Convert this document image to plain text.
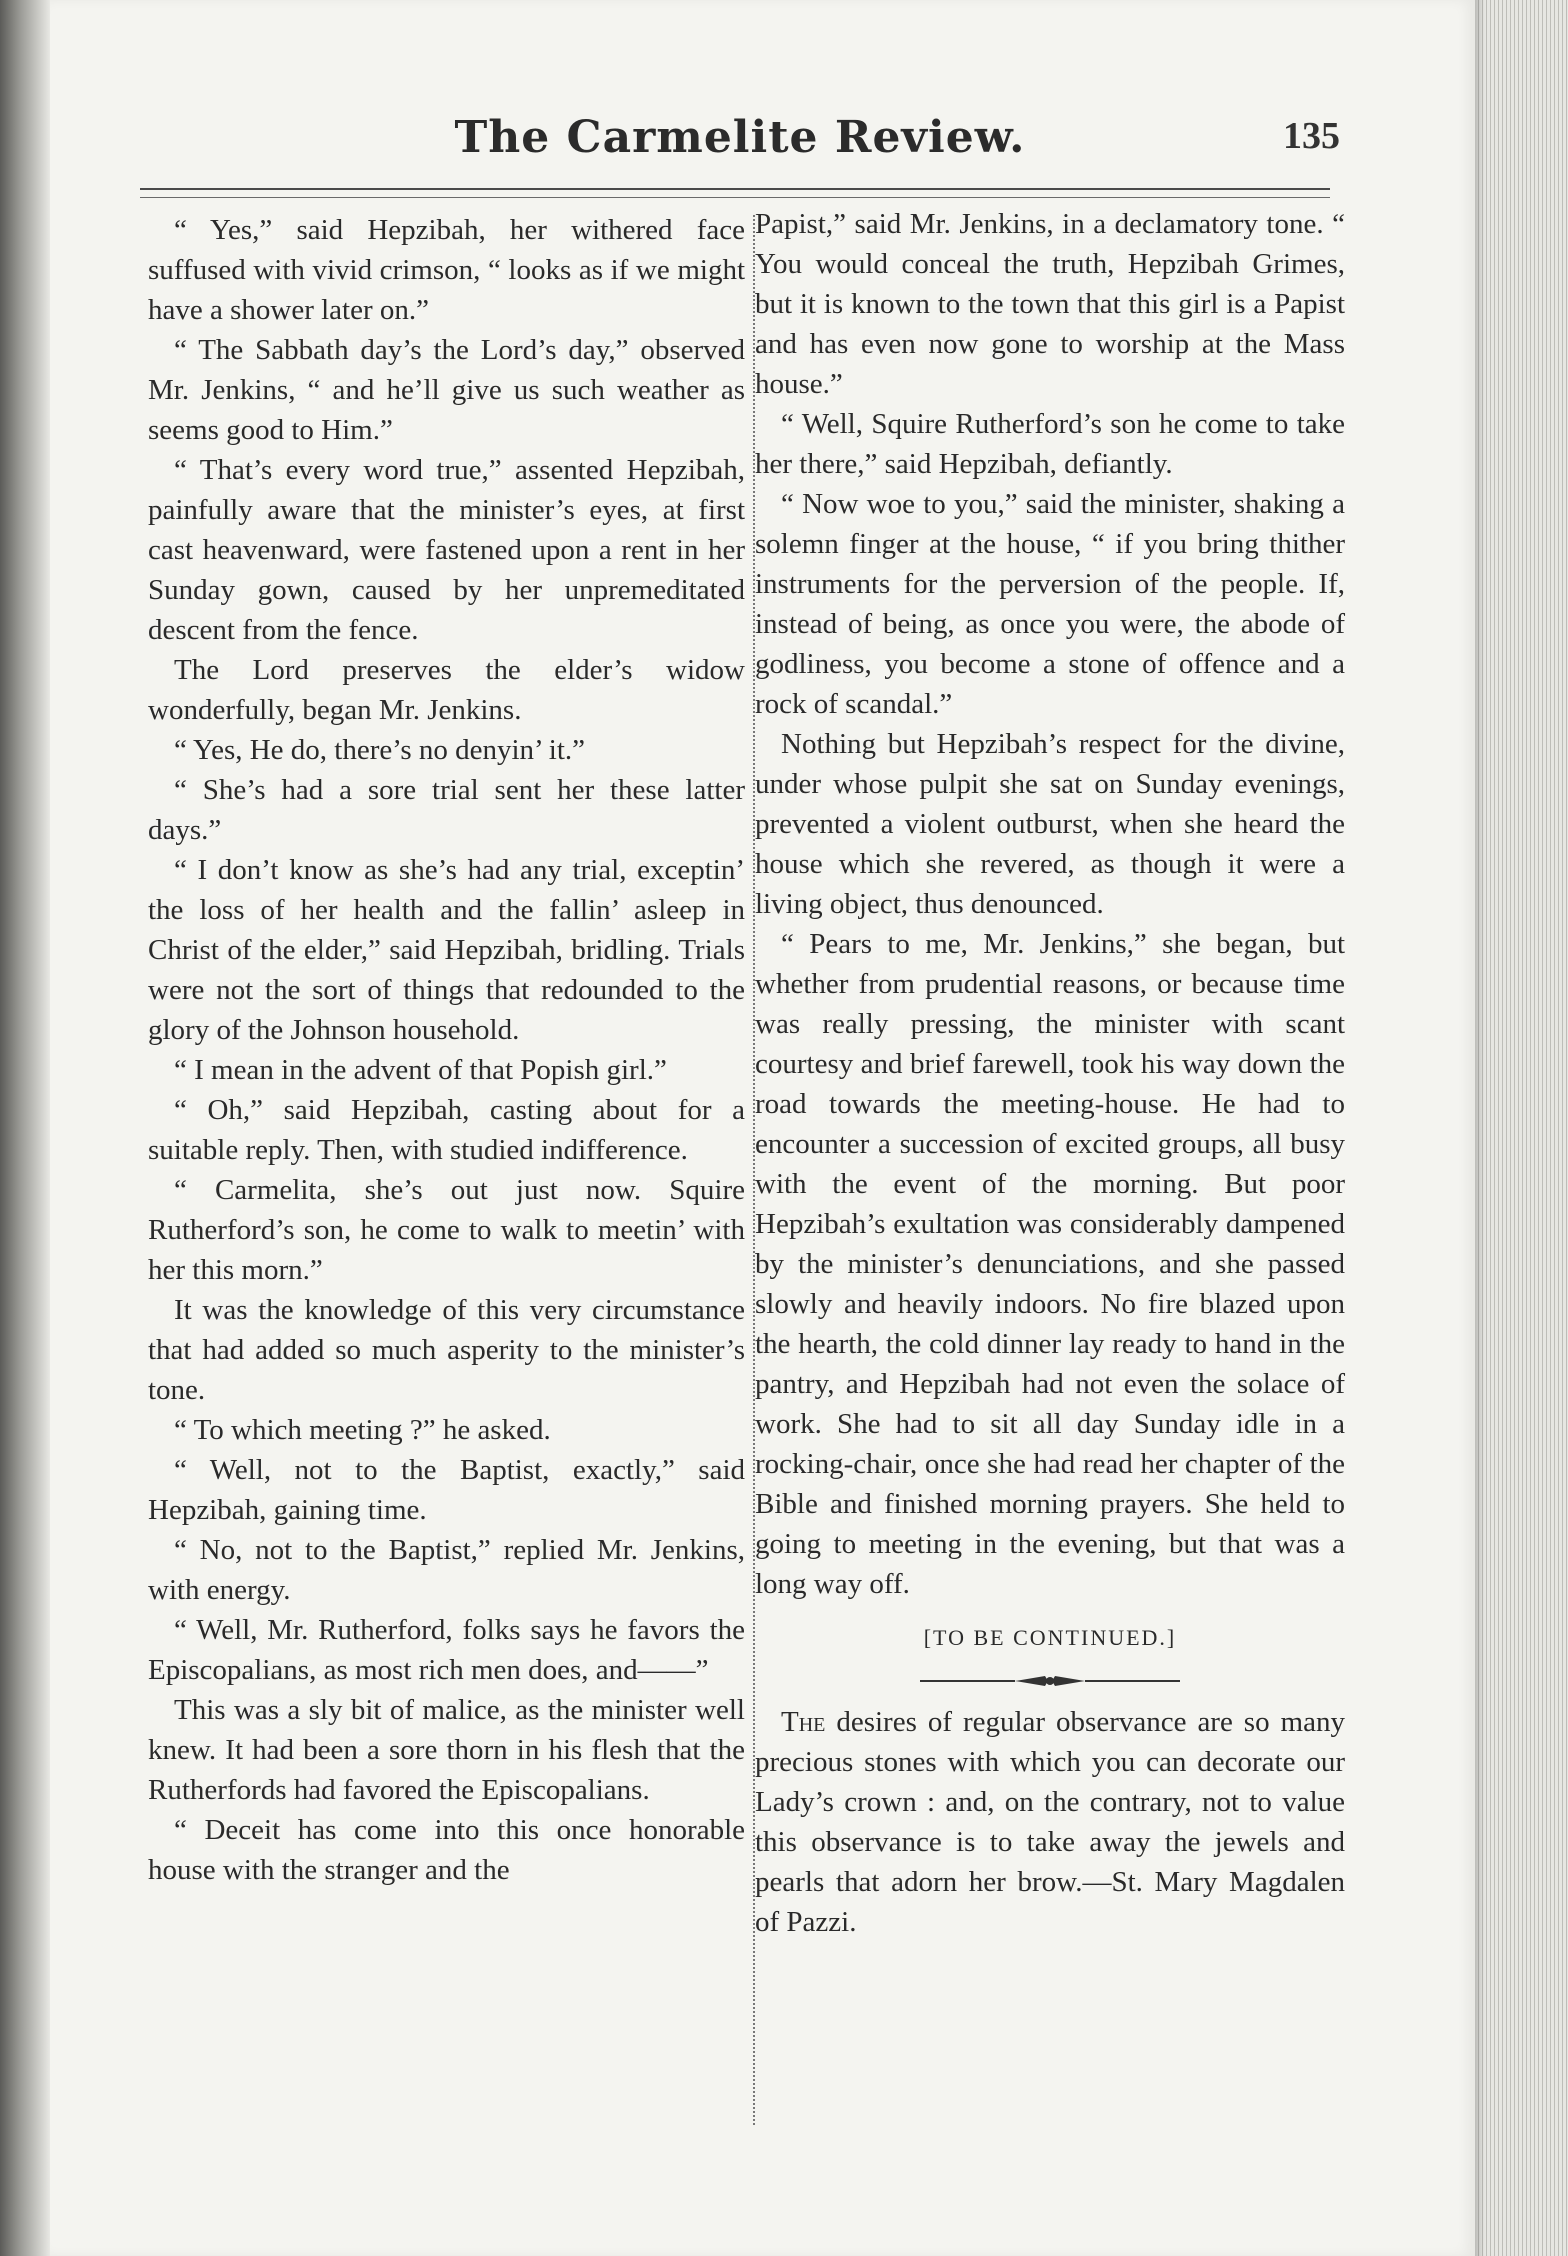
The Carmelite Review.	135

“ Yes,” said Hepzibah, her withered face suffused with vivid crimson, “ looks as if we might have a shower later on.”

“ The Sabbath day’s the Lord’s day,” observed Mr. Jenkins, “ and he’ll give us such weather as seems good to Him.”

“ That’s every word true,” assented Hepzibah, painfully aware that the minister’s eyes, at first cast heavenward, were fastened upon a rent in her Sunday gown, caused by her unpremeditated descent from the fence.

The Lord preserves the elder’s widow wonderfully, began Mr. Jenkins.

“ Yes, He do, there’s no denyin’ it.”

“ She’s had a sore trial sent her these latter days.”

“ I don’t know as she’s had any trial, exceptin’ the loss of her health and the fallin’ asleep in Christ of the elder,” said Hepzibah, bridling. Trials were not the sort of things that redounded to the glory of the Johnson household.

“ I mean in the advent of that Popish girl.”

“ Oh,” said Hepzibah, casting about for a suitable reply. Then, with studied indifference.

“ Carmelita, she’s out just now. Squire Rutherford’s son, he come to walk to meetin’ with her this morn.”

It was the knowledge of this very circumstance that had added so much asperity to the minister’s tone.

“ To which meeting ?” he asked.

“ Well, not to the Baptist, exactly,” said Hepzibah, gaining time.

“ No, not to the Baptist,” replied Mr. Jenkins, with energy.

“ Well, Mr. Rutherford, folks says he favors the Episcopalians, as most rich men does, and——”

This was a sly bit of malice, as the minister well knew. It had been a sore thorn in his flesh that the Rutherfords had favored the Episcopalians.

“ Deceit has come into this once honorable house with the stranger and the

Papist,” said Mr. Jenkins, in a declamatory tone. “ You would conceal the truth, Hepzibah Grimes, but it is known to the town that this girl is a Papist and has even now gone to worship at the Mass house.”

“ Well, Squire Rutherford’s son he come to take her there,” said Hepzibah, defiantly.

“ Now woe to you,” said the minister, shaking a solemn finger at the house, “ if you bring thither instruments for the perversion of the people. If, instead of being, as once you were, the abode of godliness, you become a stone of offence and a rock of scandal.”

Nothing but Hepzibah’s respect for the divine, under whose pulpit she sat on Sunday evenings, prevented a violent outburst, when she heard the house which she revered, as though it were a living object, thus denounced.

“ Pears to me, Mr. Jenkins,” she began, but whether from prudential reasons, or because time was really pressing, the minister with scant courtesy and brief farewell, took his way down the road towards the meeting-house. He had to encounter a succession of excited groups, all busy with the event of the morning. But poor Hepzibah’s exultation was considerably dampened by the minister’s denunciations, and she passed slowly and heavily indoors. No fire blazed upon the hearth, the cold dinner lay ready to hand in the pantry, and Hepzibah had not even the solace of work. She had to sit all day Sunday idle in a rocking-chair, once she had read her chapter of the Bible and finished morning prayers. She held to going to meeting in the evening, but that was a long way off.

[TO BE CONTINUED.]

The desires of regular observance are so many precious stones with which you can decorate our Lady’s crown : and, on the contrary, not to value this observance is to take away the jewels and pearls that adorn her brow.—St. Mary Magdalen of Pazzi.
